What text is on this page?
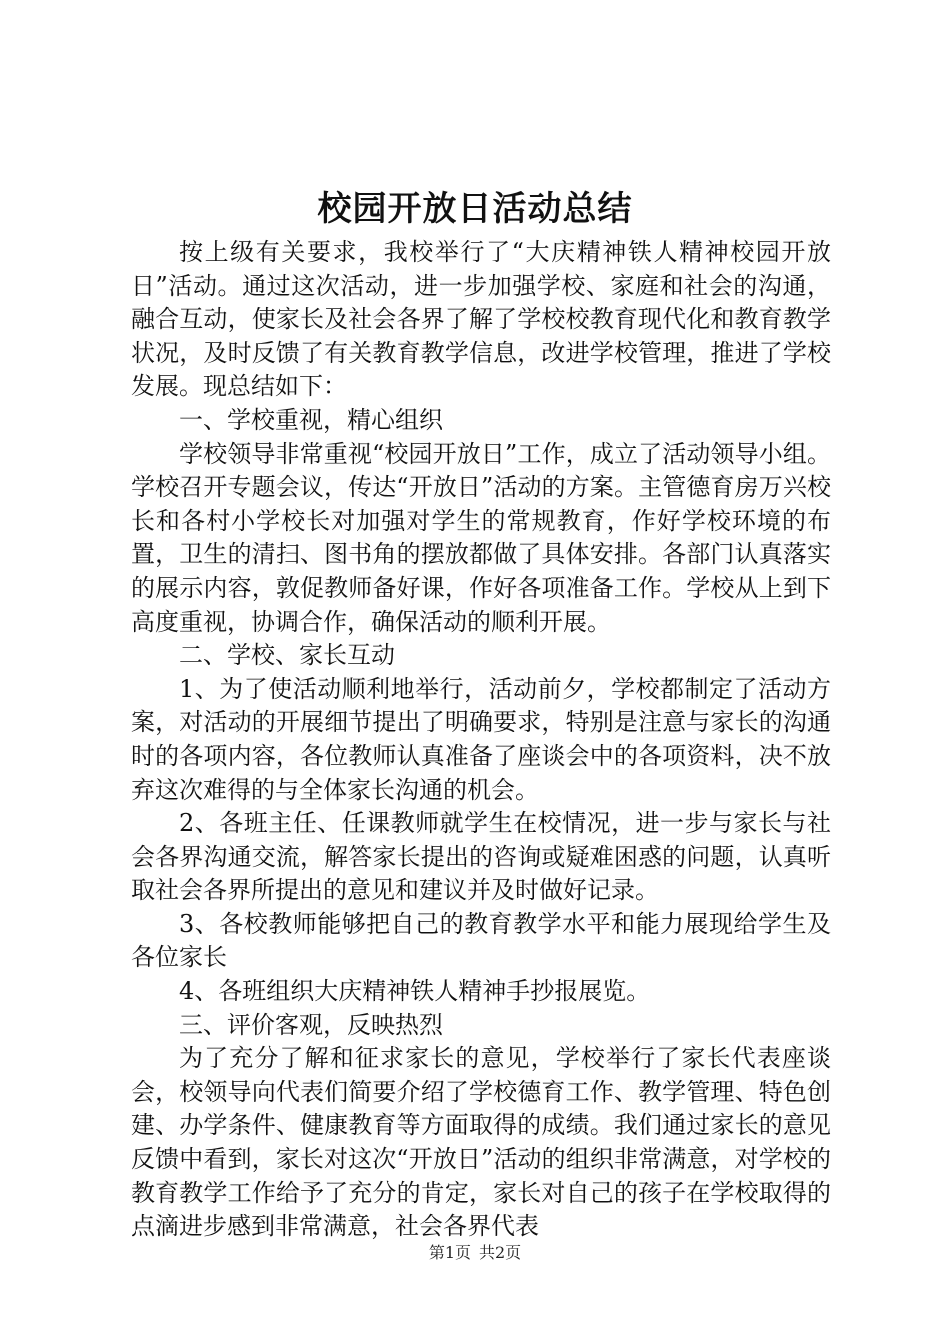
校园开放日活动总结

按上级有关要求，我校举行了“大庆精神铁人精神校园开放日”活动。通过这次活动，进一步加强学校、家庭和社会的沟通，融合互动，使家长及社会各界了解了学校校教育现代化和教育教学状况，及时反馈了有关教育教学信息，改进学校管理，推进了学校发展。现总结如下：

一、学校重视，精心组织

学校领导非常重视“校园开放日”工作，成立了活动领导小组。学校召开专题会议，传达“开放日”活动的方案。主管德育房万兴校长和各村小学校长对加强对学生的常规教育，作好学校环境的布置，卫生的清扫、图书角的摆放都做了具体安排。各部门认真落实的展示内容，敦促教师备好课，作好各项准备工作。学校从上到下高度重视，协调合作，确保活动的顺利开展。

二、学校、家长互动

1、为了使活动顺利地举行，活动前夕，学校都制定了活动方案，对活动的开展细节提出了明确要求，特别是注意与家长的沟通时的各项内容，各位教师认真准备了座谈会中的各项资料，决不放弃这次难得的与全体家长沟通的机会。

2、各班主任、任课教师就学生在校情况，进一步与家长与社会各界沟通交流，解答家长提出的咨询或疑难困惑的问题，认真听取社会各界所提出的意见和建议并及时做好记录。

3、各校教师能够把自己的教育教学水平和能力展现给学生及各位家长

4、各班组织大庆精神铁人精神手抄报展览。

三、评价客观，反映热烈

为了充分了解和征求家长的意见，学校举行了家长代表座谈会，校领导向代表们简要介绍了学校德育工作、教学管理、特色创建、办学条件、健康教育等方面取得的成绩。我们通过家长的意见反馈中看到，家长对这次“开放日”活动的组织非常满意，对学校的教育教学工作给予了充分的肯定，家长对自己的孩子在学校取得的点滴进步感到非常满意，社会各界代表

第1页 共2页
